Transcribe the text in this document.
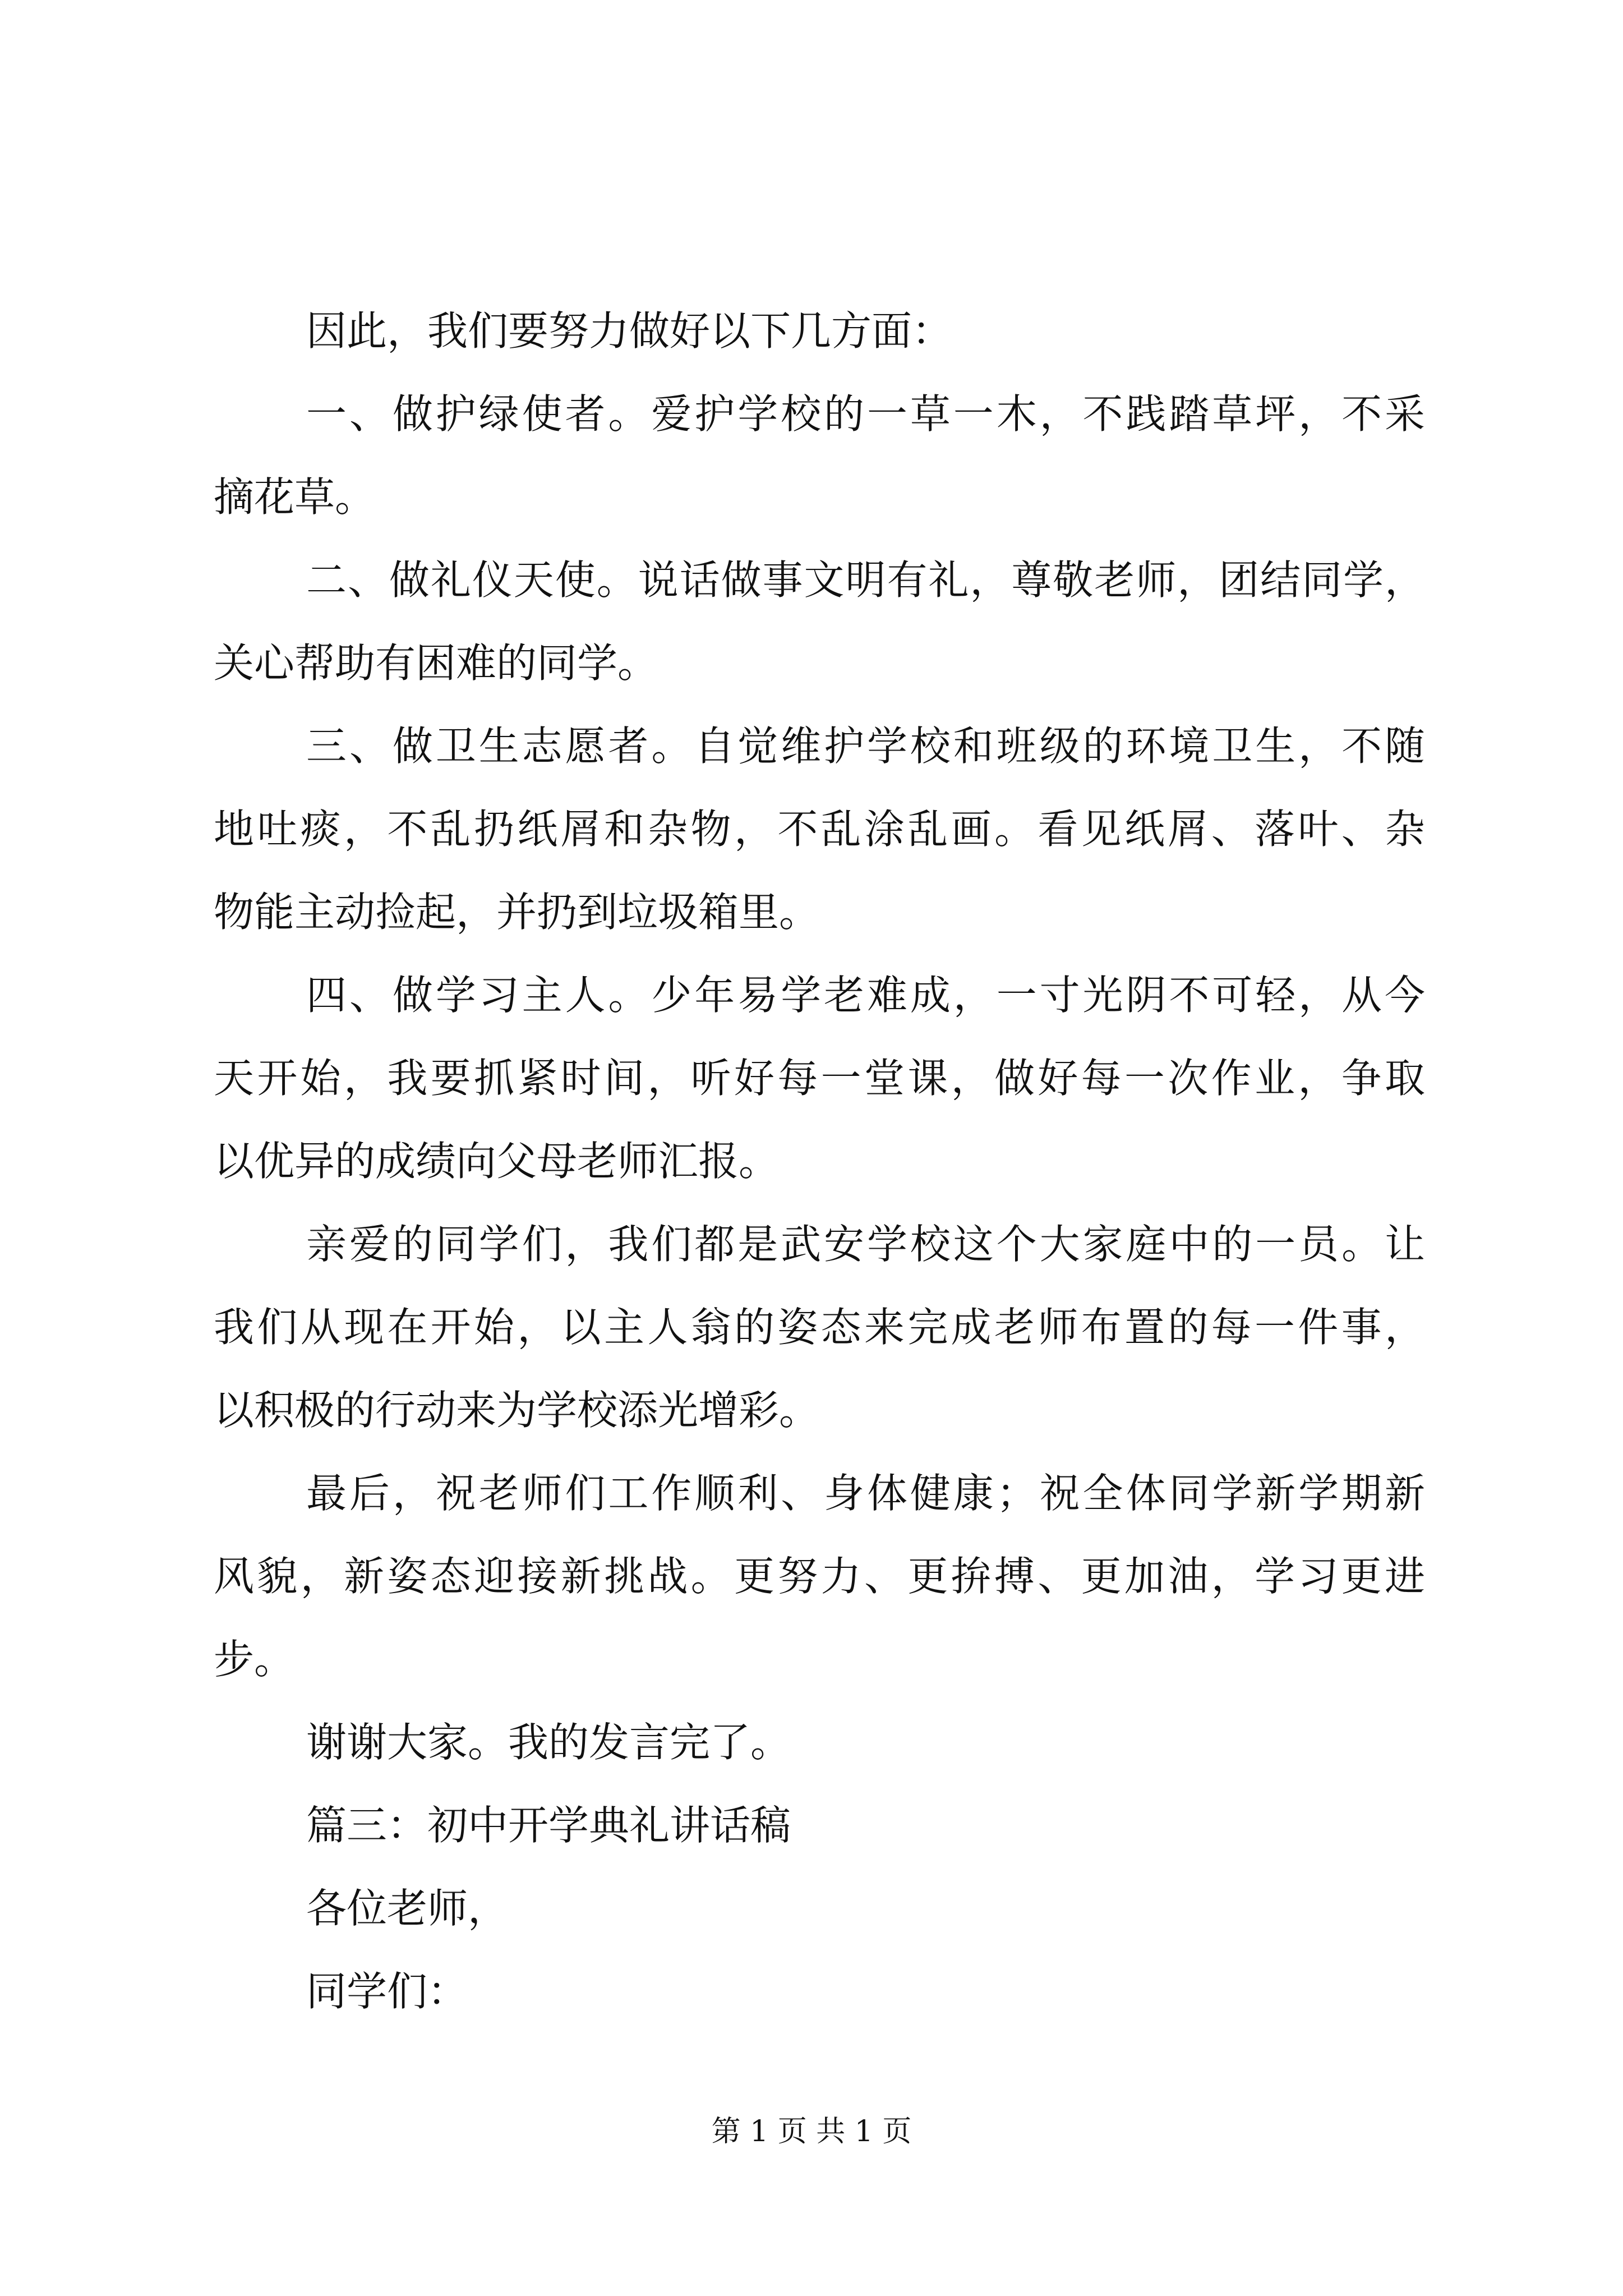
因此，我们要努力做好以下几方面：
一、做护绿使者。爱护学校的一草一木，不践踏草坪，不采
摘花草。
二、做礼仪天使。说话做事文明有礼，尊敬老师，团结同学，
关心帮助有困难的同学。
三、做卫生志愿者。自觉维护学校和班级的环境卫生，不随
地吐痰，不乱扔纸屑和杂物，不乱涂乱画。看见纸屑、落叶、杂
物能主动捡起，并扔到垃圾箱里。
四、做学习主人。少年易学老难成，一寸光阴不可轻，从今
天开始，我要抓紧时间，听好每一堂课，做好每一次作业，争取
以优异的成绩向父母老师汇报。
亲爱的同学们，我们都是武安学校这个大家庭中的一员。让
我们从现在开始，以主人翁的姿态来完成老师布置的每一件事，
以积极的行动来为学校添光增彩。
最后，祝老师们工作顺利、身体健康；祝全体同学新学期新
风貌，新姿态迎接新挑战。更努力、更拚搏、更加油，学习更进
步。
谢谢大家。我的发言完了。
篇三：初中开学典礼讲话稿
各位老师，
同学们：
第 1 页 共 1 页
